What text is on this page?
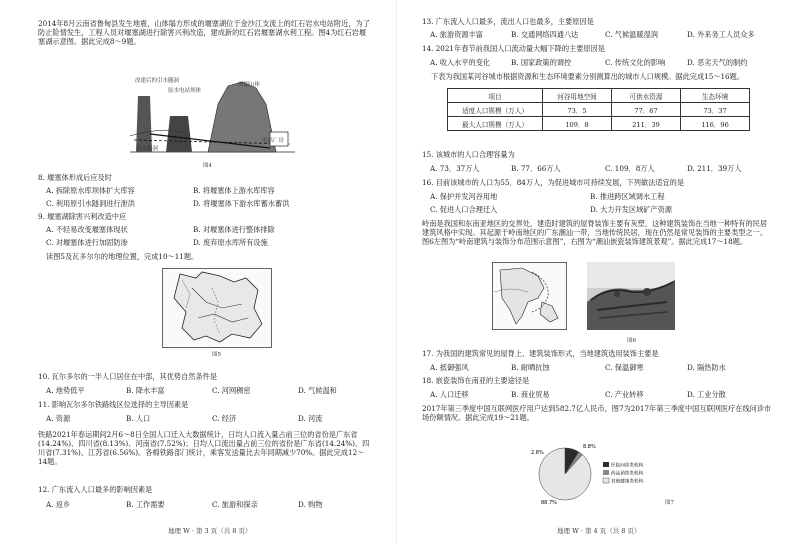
2014年8月云南省鲁甸县发生地震，山体塌方形成的堰塞湖位于金沙江支流上的红石岩水电站附近，为了防止险情发生，工程人员对堰塞湖进行除害兴利改造，建成新的红石岩堰塞湖水利工程。图4为红石岩堰塞湖示意图。据此完成8～9题。
改建后的引水隧洞
原水电站坝体
坍塌山体
电站厂房
引水隧洞
图4
8. 堰塞体形成后应及时
A. 拆除原水库坝体扩大库容	B. 将堰塞体上游水库库容
C. 利用原引水隧洞进行泄洪	D. 将堰塞体下游水库蓄水蓄洪
9. 堰塞湖除害兴利改造中应
A. 不轻易改变堰塞体现状	B. 对堰塞体进行整体排除
C. 对堰塞体进行加固防渗	D. 废弃原水库所有设施
读图5及瓦多尔尔的地理位置，完成10～11题。
图5
10. 瓦尔多尔的一半人口居住在中部，其优势自然条件是
A. 地势低平	B. 降水丰富	C. 河网稠密	D. 气候温和
11. 影响瓦尔多尔铁路线区位选择的主导因素是
A. 资源	B. 人口	C. 经济	D. 河流
铁路2021年春运期间2月6～8日全国人口迁入大数据统计，日均人口流入量占前三位的省份是广东省(14.24%)、四川省(8.13%)、河南省(7.52%)；日均人口流出量占前三位的省份是广东省(14.24%)、四川省(7.31%)、江苏省(6.56%)。各棉铁路部门统计，乘客发送量比去年同期减少70%。据此完成12～14题。
12. 广东流入人口最多的影响因素是
A. 返乡	B. 工作需要	C. 旅游和探亲	D. 购物
地理 W · 第 3 页（共 8 页）
13. 广东流入人口最多，流出人口也最多，主要原因是
A. 旅游资源丰富	B. 交通网络四通八达	C. 气候温暖湿润	D. 外来务工人员众多
14. 2021年春节前我国人口流动量大幅下降的主要原因是
A. 收入水平的变化	B. 国家政策的调控	C. 传统文化的影响	D. 恶劣天气的制约
下表为我国某河谷城市根据资源和生态环境要素分别测算出的城市人口规模。据此完成15～16题。
项目	河谷用地空间	可供水资源	生态环境
适度人口规模（万人）	73．5	77．67	73．37
最大人口规模（万人）	109．8	211．39	116．96
15. 该城市的人口合理容量为
A. 73．37万人	B. 77．66万人	C. 109．8万人	D. 211．39万人
16. 目前该城市的人口为55．84万人，为促进城市可持续发展，下列做法适宜的是
A. 保护并发河谷用地	B. 推进跨区域调水工程
C. 促进人口合理迁入	D. 大力开发区域矿产资源
岭南是我国和东南亚地区的交界处，建造时建筑的屋脊装饰主要有灰塑，这种建筑装饰在当地一种特有的民居建筑风格中实现。其起源于岭南地区的广东潮汕一带，当地传统民居，现在仍然是常见装饰的主要类型之一。图6左图为“岭南建筑与装饰分布范围示意图”，右图为“潮汕嵌瓷装饰建筑景观”。据此完成17～18题。
图6
17. 为我国的建筑常见的屋脊上、建筑装饰形式，当地建筑选用装饰主要是
A. 抵御强风	B. 耐晒抗蚀	C. 保温御寒	D. 隔热防水
18. 嵌瓷装饰在南亚的主要途径是
A. 人口迁移	B. 商业贸易	C. 产业转移	D. 工业分散
2017年第三季度中国互联网医疗用户达到582.7亿人民币，图7为2017年第三季度中国互联网医疗在线问诊市场份额情况。据此完成19～21题。
8.8%
2.8%
88.7%
医院问诊类机构
药品销售类机构
其他健康类机构
图7
地理 W · 第 4 页（共 8 页）
